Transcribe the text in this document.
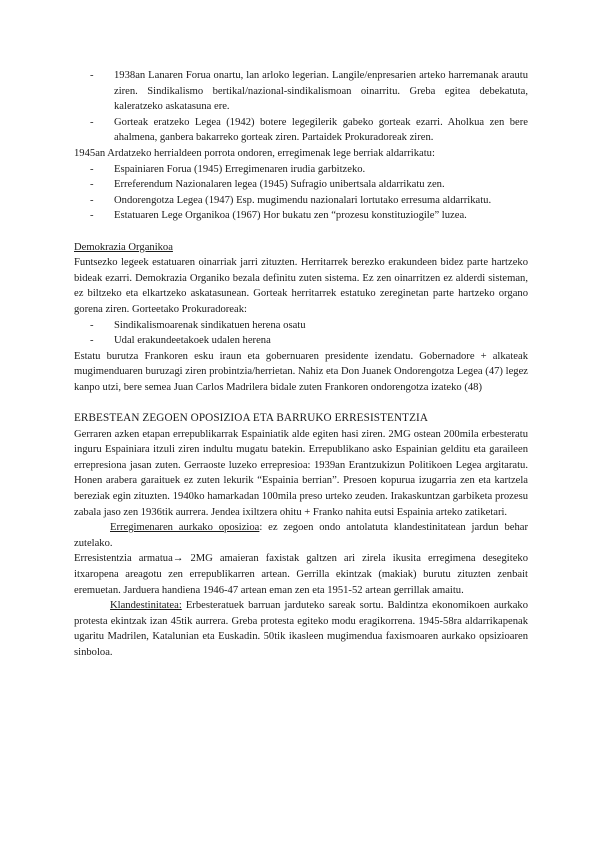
-	1938an Lanaren Forua onartu, lan arloko legerian. Langile/enpresarien arteko harremanak arautu ziren. Sindikalismo bertikal/nazional-sindikalismoan oinarritu. Greba egitea debekatuta, kaleratzeko askatasuna ere.
-	Gorteak eratzeko Legea (1942) botere legegilerik gabeko gorteak ezarri. Aholkua zen bere ahalmena, ganbera bakarreko gorteak ziren. Partaidek Prokuradoreak ziren.

1945an Ardatzeko herrialdeen porrota ondoren, erregimenak lege berriak aldarrikatu:

-	Espainiaren Forua (1945) Erregimenaren irudia garbitzeko.
-	Erreferendum Nazionalaren legea (1945) Sufragio unibertsala aldarrikatu zen.
-	Ondorengotza Legea (1947) Esp. mugimendu nazionalari lortutako erresuma aldarrikatu.
-	Estatuaren Lege Organikoa (1967) Hor bukatu zen “prozesu konstituziogile” luzea.

Demokrazia Organikoa

Funtsezko legeek estatuaren oinarriak jarri zituzten. Herritarrek berezko erakundeen bidez parte hartzeko bideak ezarri. Demokrazia Organiko bezala definitu zuten sistema. Ez zen oinarritzen ez alderdi sisteman, ez biltzeko eta elkartzeko askatasunean. Gorteak herritarrek estatuko zereginetan parte hartzeko organo gorena ziren. Gorteetako Prokuradoreak:

-	Sindikalismoarenak sindikatuen herena osatu
-	Udal erakundeetakoek udalen herena

Estatu burutza Frankoren esku iraun eta gobernuaren presidente izendatu. Gobernadore + alkateak mugimenduaren buruzagi ziren probintzia/herrietan. Nahiz eta Don Juanek Ondorengotza Legea (47) legez kanpo utzi, bere semea Juan Carlos Madrilera bidale zuten Frankoren ondorengotza izateko (48)

ERBESTEAN ZEGOEN OPOSIZIOA ETA BARRUKO ERRESISTENTZIA

Gerraren azken etapan errepublikarrak Espainiatik alde egiten hasi ziren. 2MG ostean 200mila erbesteratu inguru Espainiara itzuli ziren indultu mugatu batekin. Errepublikano asko Espainian gelditu eta garaileen errepresiona jasan zuten. Gerraoste luzeko errepresioa: 1939an Erantzukizun Politikoen Legea argitaratu. Honen arabera garaituek ez zuten lekurik “Espainia berrian”. Presoen kopurua izugarria zen eta kartzela bereziak egin zituzten. 1940ko hamarkadan 100mila preso urteko zeuden. Irakaskuntzan garbiketa prozesu zabala jaso zen 1936tik aurrera. Jendea ixiltzera ohitu + Franko nahita eutsi Espainia arteko zatiketari.

Erregimenaren aurkako oposizioa: ez zegoen ondo antolatuta klandestinitatean jardun behar zutelako.

Erresistentzia armatua→ 2MG amaieran faxistak galtzen ari zirela ikusita erregimena desegiteko itxaropena areagotu zen errepublikarren artean. Gerrilla ekintzak (makiak) burutu zituzten zenbait eremuetan. Jarduera handiena 1946-47 artean eman zen eta 1951-52 artean gerrillak amaitu.

Klandestinitatea: Erbesteratuek barruan jarduteko sareak sortu. Baldintza ekonomikoen aurkako protesta ekintzak izan 45tik aurrera. Greba protesta egiteko modu eragikorrena. 1945-58ra aldarrikapenak ugaritu Madrilen, Katalunian eta Euskadin. 50tik ikasleen mugimendua faxismoaren aurkako opsizioaren sinboloa.
